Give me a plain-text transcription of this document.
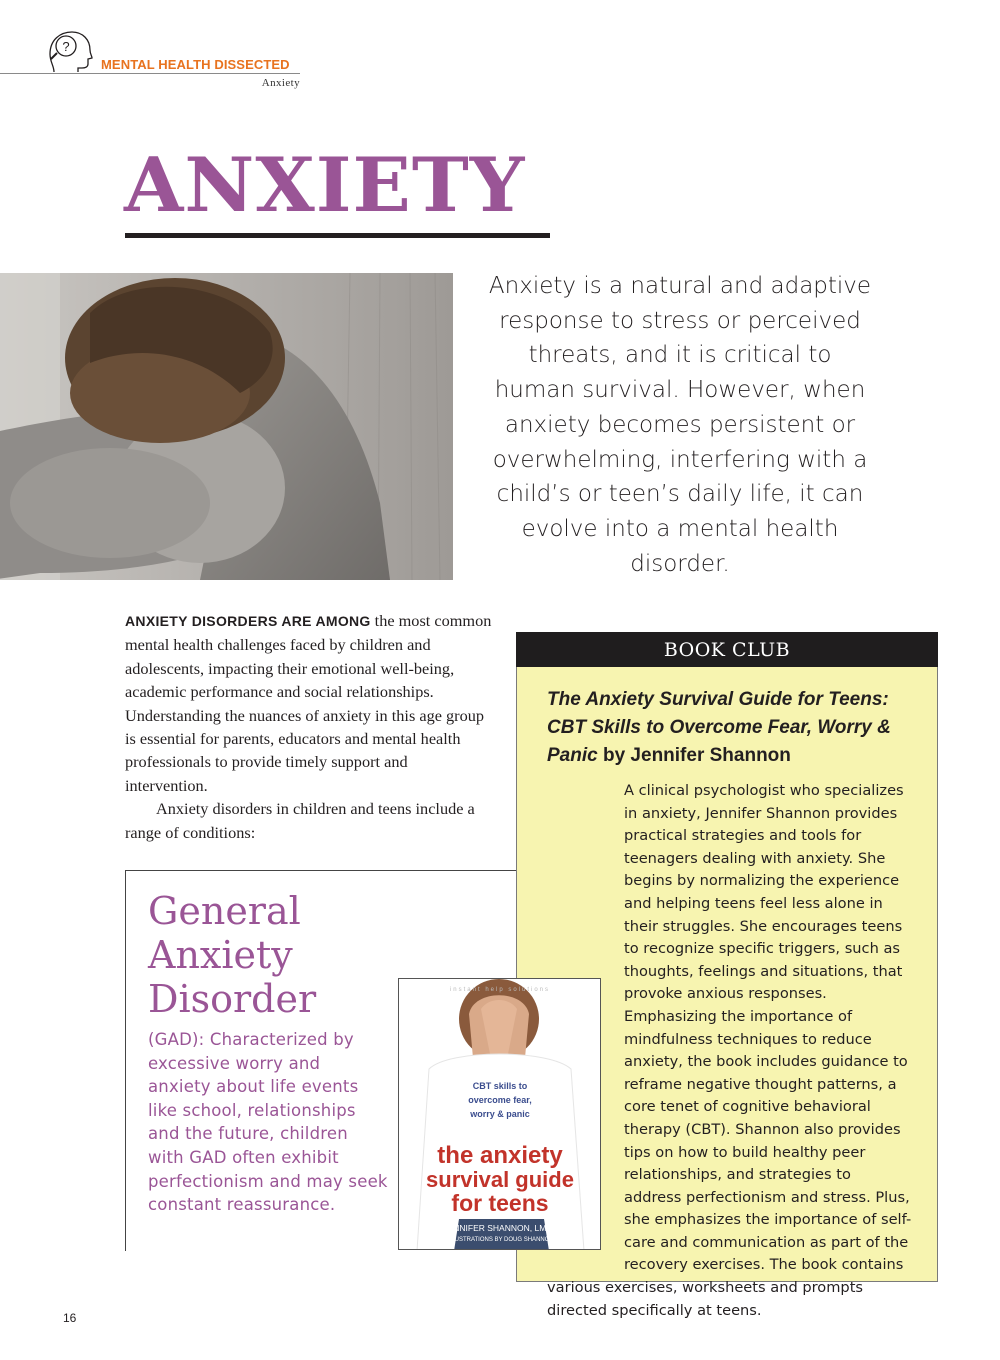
?
MENTAL HEALTH DISSECTED
Anxiety
ANXIETY
Anxiety is a natural and adaptive response to stress or perceived threats, and it is critical to human survival. However, when anxiety becomes persistent or overwhelming, interfering with a child’s or teen’s daily life, it can evolve into a mental health disorder.

ANXIETY DISORDERS ARE AMONG the most common mental health challenges faced by children and adolescents, impacting their emotional well-being, academic performance and social relationships. Understanding the nuances of anxiety in this age group is essential for parents, educators and mental health professionals to provide timely support and intervention.

Anxiety disorders in children and teens include a range of conditions:

General Anxiety Disorder
(GAD): Characterized by excessive worry and anxiety about life events like school, relationships and the future, children with GAD often exhibit perfectionism and may seek constant reassurance.
BOOK CLUB
The Anxiety Survival Guide for Teens: CBT Skills to Overcome Fear, Worry & Panic by Jennifer Shannon
A clinical psychologist who specializes in anxiety, Jennifer Shannon provides practical strategies and tools for teenagers dealing with anxiety. She begins by normalizing the experience and helping teens feel less alone in their struggles. She encourages teens to recognize specific triggers, such as thoughts, feelings and situations, that provoke anxious responses. Emphasizing the importance of mindfulness techniques to reduce anxiety, the book includes guidance to reframe negative thought patterns, a core tenet of cognitive behavioral therapy (CBT). Shannon also provides tips on how to build healthy peer relationships, and strategies to address perfectionism and stress. Plus, she emphasizes the importance of self-care and communication as part of the recovery exercises. The book contains various exercises, worksheets and prompts directed specifically at teens.
instant help solutions
CBT skills to
overcome fear,
worry & panic
the anxiety
survival guide
for teens
JENNIFER SHANNON, LMFT
ILLUSTRATIONS BY DOUG SHANNON
16
